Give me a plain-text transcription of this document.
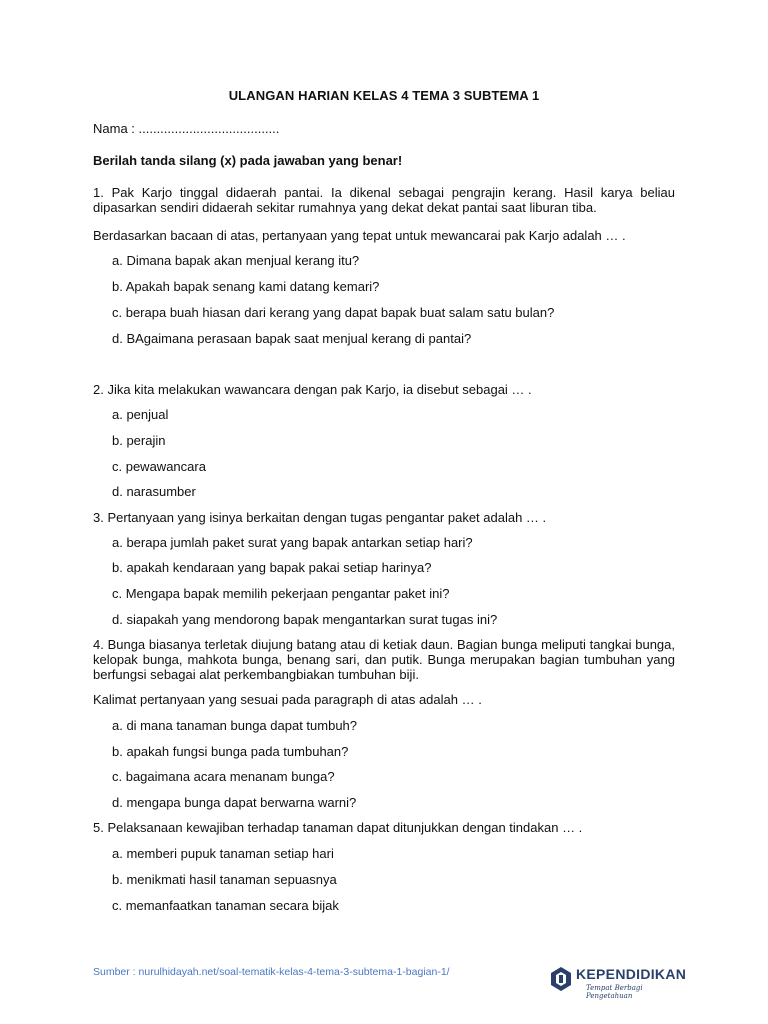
ULANGAN HARIAN KELAS 4 TEMA 3 SUBTEMA 1
Nama : .......................................
Berilah tanda silang (x) pada jawaban yang benar!
1. Pak Karjo tinggal didaerah pantai. Ia dikenal sebagai pengrajin kerang. Hasil karya beliau dipasarkan sendiri didaerah sekitar rumahnya yang dekat dekat pantai saat liburan tiba.
Berdasarkan bacaan di atas, pertanyaan yang tepat untuk mewancarai pak Karjo adalah … .
a. Dimana bapak akan menjual kerang itu?
b. Apakah bapak senang kami datang kemari?
c. berapa buah hiasan dari kerang yang dapat bapak buat salam satu bulan?
d. BAgaimana perasaan bapak saat menjual kerang di pantai?
2. Jika kita melakukan wawancara dengan pak Karjo, ia disebut sebagai … .
a. penjual
b. perajin
c. pewawancara
d. narasumber
3. Pertanyaan yang isinya berkaitan dengan tugas pengantar paket adalah … .
a. berapa jumlah paket surat yang bapak antarkan setiap hari?
b. apakah kendaraan yang bapak pakai setiap harinya?
c. Mengapa bapak memilih pekerjaan pengantar paket ini?
d. siapakah yang mendorong bapak mengantarkan surat tugas ini?
4. Bunga biasanya terletak diujung batang atau di ketiak daun. Bagian bunga meliputi tangkai bunga, kelopak bunga, mahkota bunga, benang sari, dan putik. Bunga merupakan bagian tumbuhan yang berfungsi sebagai alat perkembangbiakan tumbuhan biji.
Kalimat pertanyaan yang sesuai pada paragraph di atas adalah … .
a. di mana tanaman bunga dapat tumbuh?
b. apakah fungsi bunga pada tumbuhan?
c. bagaimana acara menanam bunga?
d. mengapa bunga dapat berwarna warni?
5. Pelaksanaan kewajiban terhadap tanaman dapat ditunjukkan dengan tindakan … .
a. memberi pupuk tanaman setiap hari
b. menikmati hasil tanaman sepuasnya
c. memanfaatkan tanaman secara bijak
Sumber : nurulhidayah.net/soal-tematik-kelas-4-tema-3-subtema-1-bagian-1/	KEPENDIDIKAN
Tempat Berbagi Pengetahuan
